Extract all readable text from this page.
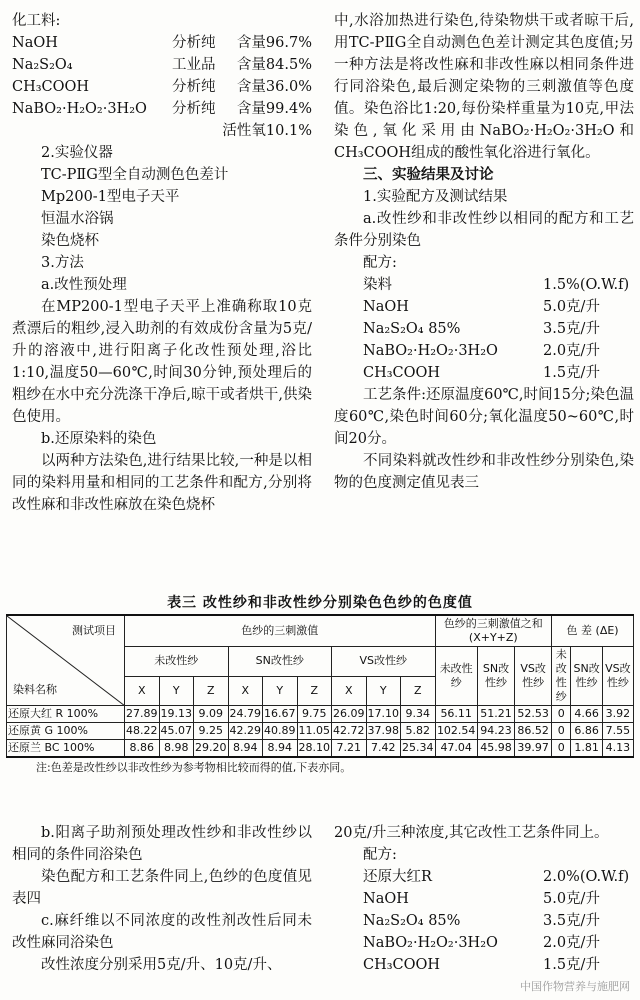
化工料:
NaOH	分析纯	含量96.7%
Na₂S₂O₄	工业品	含量84.5%
CH₃COOH	分析纯	含量36.0%
NaBO₂·H₂O₂·3H₂O	分析纯	含量99.4%
活性氧10.1%
2.实验仪器
TC-PⅡG型全自动测色色差计
Mp200-1型电子天平
恒温水浴锅
染色烧杯
3.方法
a.改性预处理
在MP200-1型电子天平上准确称取10克煮漂后的粗纱,浸入助剂的有效成份含量为5克/升的溶液中,进行阳离子化改性预处理,浴比1:10,温度50—60℃,时间30分钟,预处理后的粗纱在水中充分洗涤干净后,晾干或者烘干,供染色使用。
b.还原染料的染色
以两种方法染色,进行结果比较,一种是以相同的染料用量和相同的工艺条件和配方,分别将改性麻和非改性麻放在染色烧杯
中,水浴加热进行染色,待染物烘干或者晾干后,用TC-PⅡG全自动测色色差计测定其色度值;另一种方法是将改性麻和非改性麻以相同条件进行同浴染色,最后测定染物的三刺激值等色度值。染色浴比1:20,每份染样重量为10克,甲法染色,氧化采用由NaBO₂·H₂O₂·3H₂O和CH₃COOH组成的酸性氧化浴进行氧化。
三、实验结果及讨论
1.实验配方及测试结果
a.改性纱和非改性纱以相同的配方和工艺条件分别染色
配方:
染料	1.5%(O.W.f)
NaOH	5.0克/升
Na₂S₂O₄ 85%	3.5克/升
NaBO₂·H₂O₂·3H₂O	2.0克/升
CH₃COOH	1.5克/升
工艺条件:还原温度60℃,时间15分;染色温度60℃,染色时间60分;氧化温度50~60℃,时间20分。
不同染料就改性纱和非改性纱分别染色,染物的色度测定值见表三
表三 改性纱和非改性纱分别染色色纱的色度值
测试项目
染料名称	色纱的三刺激值									色纱的三刺激值之和 (X+Y+Z)			色 差 (ΔE)		
	未改性纱			SN改性纱			VS改性纱			未改性纱	SN改性纱	VS改性纱	未改性纱	SN改性纱	VS改性纱
	X	Y	Z	X	Y	Z	X	Y	Z						
还原大红 R 100%	27.89	19.13	9.09	24.79	16.67	9.75	26.09	17.10	9.34	56.11	51.21	52.53	0	4.66	3.92
还原黄 G 100%	48.22	45.07	9.25	42.29	40.89	11.05	42.72	37.98	5.82	102.54	94.23	86.52	0	6.86	7.55
还原兰 BC 100%	8.86	8.98	29.20	8.94	8.94	28.10	7.21	7.42	25.34	47.04	45.98	39.97	0	1.81	4.13
注:色差是改性纱以非改性纱为参考物相比较而得的值,下表亦同。
b.阳离子助剂预处理改性纱和非改性纱以相同的条件同浴染色
染色配方和工艺条件同上,色纱的色度值见表四
c.麻纤维以不同浓度的改性剂改性后同未改性麻同浴染色
改性浓度分别采用5克/升、10克/升、
20克/升三种浓度,其它改性工艺条件同上。
配方:
还原大红R	2.0%(O.W.f)
NaOH	5.0克/升
Na₂S₂O₄ 85%	3.5克/升
NaBO₂·H₂O₂·3H₂O	2.0克/升
CH₃COOH	1.5克/升
中国作物营养与施肥网
